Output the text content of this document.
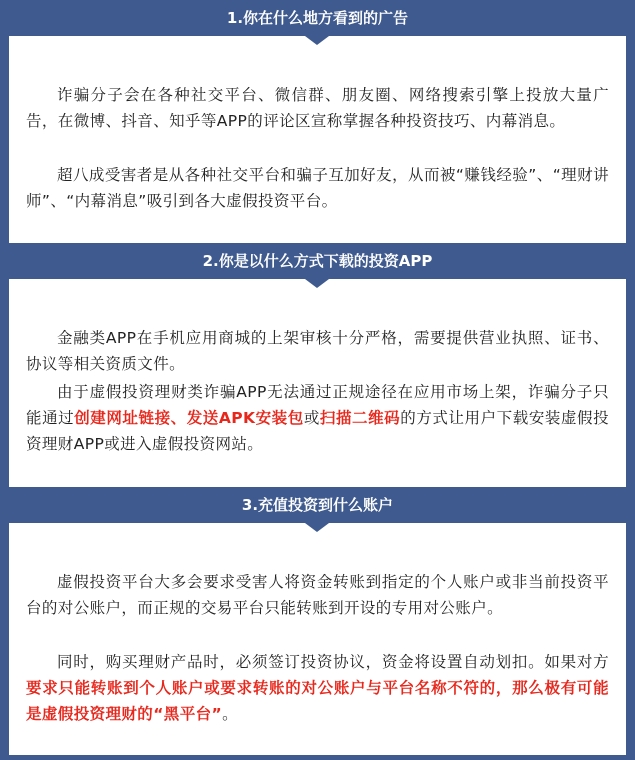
1.你在什么地方看到的广告

诈骗分子会在各种社交平台、微信群、朋友圈、网络搜索引擎上投放大量广告，在微博、抖音、知乎等APP的评论区宣称掌握各种投资技巧、内幕消息。

超八成受害者是从各种社交平台和骗子互加好友，从而被“赚钱经验”、“理财讲师”、“内幕消息”吸引到各大虚假投资平台。

2.你是以什么方式下载的投资APP

金融类APP在手机应用商城的上架审核十分严格，需要提供营业执照、证书、协议等相关资质文件。

由于虚假投资理财类诈骗APP无法通过正规途径在应用市场上架，诈骗分子只能通过创建网址链接、发送APK安装包或扫描二维码的方式让用户下载安装虚假投资理财APP或进入虚假投资网站。

3.充值投资到什么账户

虚假投资平台大多会要求受害人将资金转账到指定的个人账户或非当前投资平台的对公账户，而正规的交易平台只能转账到开设的专用对公账户。

同时，购买理财产品时，必须签订投资协议，资金将设置自动划扣。如果对方要求只能转账到个人账户或要求转账的对公账户与平台名称不符的，那么极有可能是虚假投资理财的“黑平台”。
